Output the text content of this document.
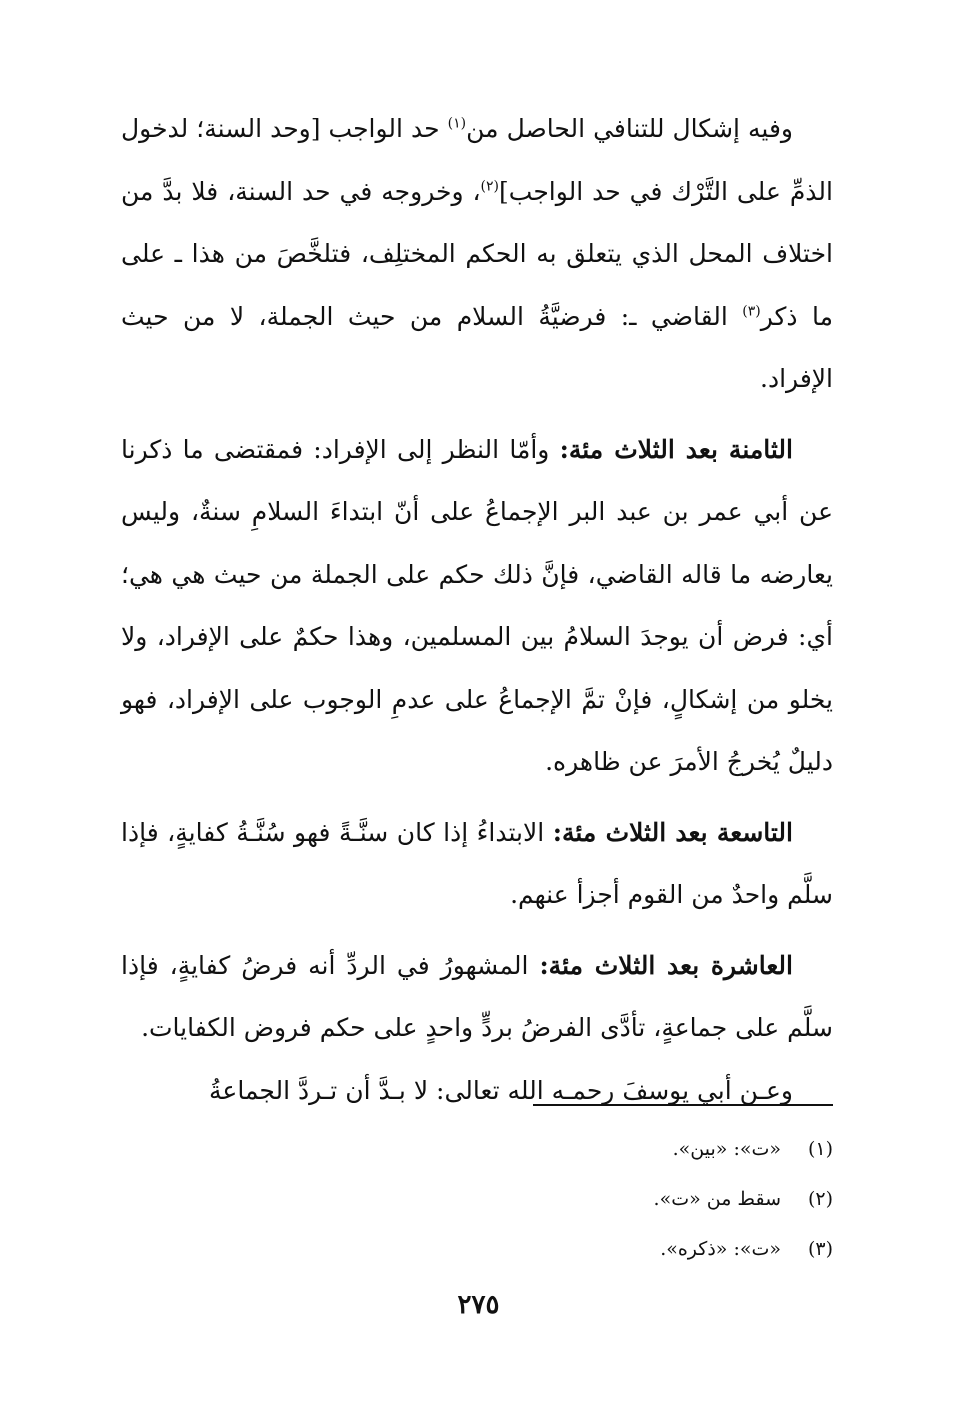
وفيه إشكال للتنافي الحاصل من$^{(١)}$ حد الواجب [وحد السنة؛ لدخول الذمِّ على التَّرْك في حد الواجب]$^{(٢)}$، وخروجه في حد السنة، فلا بدَّ من اختلاف المحل الذي يتعلق به الحكم المختلِف، فتلخَّصَ من هذا ـ على ما ذكر$^{(٣)}$ القاضي ـ: فرضيَّةُ السلام من حيث الجملة، لا من حيث الإفراد.

الثامنة بعد الثلاث مئة: وأمّا النظر إلى الإفراد: فمقتضى ما ذكرنا عن أبي عمر بن عبد البر الإجماعُ على أنّ ابتداءَ السلامِ سنةٌ، وليس يعارضه ما قاله القاضي، فإنَّ ذلك حكم على الجملة من حيث هي هي؛ أي: فرض أن يوجدَ السلامُ بين المسلمين، وهذا حكمٌ على الإفراد، ولا يخلو من إشكالٍ، فإنْ تمَّ الإجماعُ على عدمِ الوجوب على الإفراد، فهو دليلٌ يُخرجُ الأمرَ عن ظاهره.

التاسعة بعد الثلاث مئة: الابتداءُ إذا كان سنَّـةً فهو سُنَّـةُ كفايةٍ، فإذا سلَّم واحدٌ من القوم أجزأ عنهم.

العاشرة بعد الثلاث مئة: المشهورُ في الردِّ أنه فرضُ كفايةٍ، فإذا سلَّم على جماعةٍ، تأدَّى الفرضُ بردٍّ واحدٍ على حكم فروض الكفايات.

وعـن أبي يوسفَ رحمـه الله تعالى: لا بـدَّ أن تـردَّ الجماعةُ

(١)
«ت»: «بين».

(٢)
سقط من «ت».

(٣)
«ت»: «ذكره».

٢٧٥
